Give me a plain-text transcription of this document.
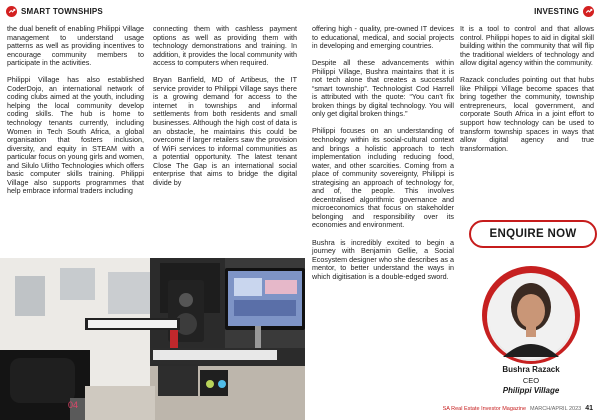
SMART TOWNSHIPS	INVESTING

the dual benefit of enabling Philippi Village management to understand usage patterns as well as providing incentives to encourage community members to participate in the activities.

Philippi Village has also established CoderDojo, an international network of coding clubs aimed at the youth, including helping the local community develop coding skills. The hub is home to technology tenants currently, including Women in Tech South Africa, a global organisation that fosters inclusion, diversity, and equity in STEAM with a particular focus on young girls and women, and Silulo Ulitho Technologies which offers basic computer skills training. Philippi Village also supports programmes that help embrace informal traders including

connecting them with cashless payment options as well as providing them with technology demonstrations and training. In addition, it provides the local community with access to computers when required.

Bryan Banfield, MD of Artibeus, the IT service provider to Philippi Village says there is a growing demand for access to the internet in townships and informal settlements from both residents and small businesses. Although the high cost of data is an obstacle, he maintains this could be overcome if larger retailers saw the provision of WiFi services to informal communities as a potential opportunity. The latest tenant Close The Gap is an international social enterprise that aims to bridge the digital divide by

offering high - quality, pre-owned IT devices to educational, medical, and social projects in developing and emerging countries.

Despite all these advancements within Philippi Village, Bushra maintains that it is not tech alone that creates a successful “smart township”. Technologist Cod Harrell is attributed with the quote: “You can't fix broken things by digital technology. You will only get digital broken things.”

Philippi focuses on an understanding of technology within its social-cultural context and brings a holistic approach to tech implementation including reducing food, water, and other scarcities. Coming from a place of community sovereignty, Philippi is strategising an approach of technology for, and of, the people. This involves decentralised algorithmic governance and microeconomics that focus on stakeholder belonging and responsibility over its economies and environment.

Bushra is incredibly excited to begin a journey with Benjamin Gellie, a Social Ecosystem designer who she describes as a mentor, to better understand the ways in which digitisation is a double-edged sword.

It is a tool to control and that allows control. Philippi hopes to aid in digital skill building within the community that will flip the traditional wielders of technology and allow digital agency within the community.

Razack concludes pointing out that hubs like Philippi Village become spaces that bring together the community, township entrepreneurs, local government, and corporate South Africa in a joint effort to support how technology can be used to transform township spaces in ways that allow digital agency and true transformation.

04
ENQUIRE NOW
Bushra Razack
CEO
Philippi Village
SA Real Estate Investor Magazine MARCH/APRIL 2023 41
